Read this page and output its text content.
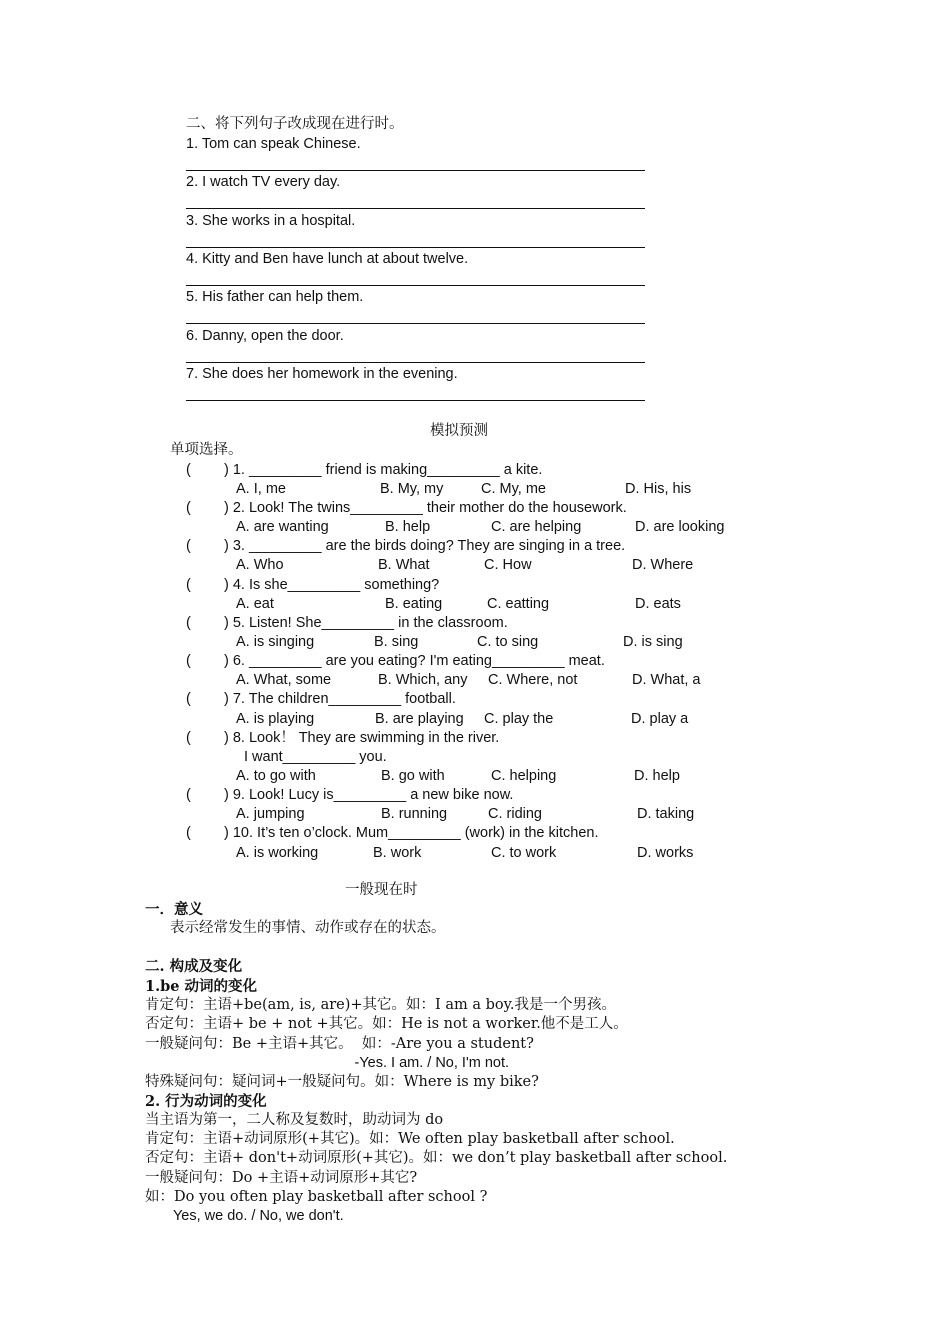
二、将下列句子改成现在进行时。
1. Tom can speak Chinese.
2. I watch TV every day.
3. She works in a hospital.
4. Kitty and Ben have lunch at about twelve.
5. His father can help them.
6. Danny, open the door.
7. She does her homework in the evening.
模拟预测
单项选择。
( ) 1. _________ friend is making_________ a kite.
A. I, me	B. My, my	C. My, me	D. His, his
( ) 2. Look! The twins_________ their mother do the housework.
A. are wanting	B. help	C. are helping	D. are looking
( ) 3. _________ are the birds doing? They are singing in a tree.
A. Who	B. What	C. How	D. Where
( ) 4. Is she_________ something?
A. eat	B. eating	C. eatting	D. eats
( ) 5. Listen! She_________ in the classroom.
A. is singing	B. sing	C. to sing	D. is sing
( ) 6. _________ are you eating? I'm eating_________ meat.
A. What, some	B. Which, any C. Where, not	D. What, a
( ) 7. The children_________ football.
A. is playing	B. are playing C. play the	D. play a
( ) 8. Look！ They are swimming in the river.
I want_________ you.
A. to go with	B. go with	C. helping	D. help
( ) 9. Look! Lucy is_________ a new bike now.
A. jumping	B. running	C. riding	D. taking
( ) 10. It’s ten o’clock. Mum_________ (work) in the kitchen.
A. is working	B. work	C. to work	D. works
一般现在时
一．意义
表示经常发生的事情、动作或存在的状态。
二. 构成及变化
1.be 动词的变化
肯定句：主语+be(am, is, are)+其它。如：I am a boy.我是一个男孩。
否定句：主语+ be + not +其它。如：He is not a worker.他不是工人。
一般疑问句：Be +主语+其它。  如：-Are you a student?
-Yes. I am. / No, I'm not.
特殊疑问句：疑问词+一般疑问句。如：Where is my bike?
2. 行为动词的变化
当主语为第一，二人称及复数时，助动词为 do
肯定句：主语+动词原形(+其它)。如：We often play basketball after school.
否定句：主语+ don't+动词原形(+其它)。如：we don’t play basketball after school.
一般疑问句：Do +主语+动词原形+其它?
如：Do you often play basketball after school ?
Yes, we do. / No, we don't.
